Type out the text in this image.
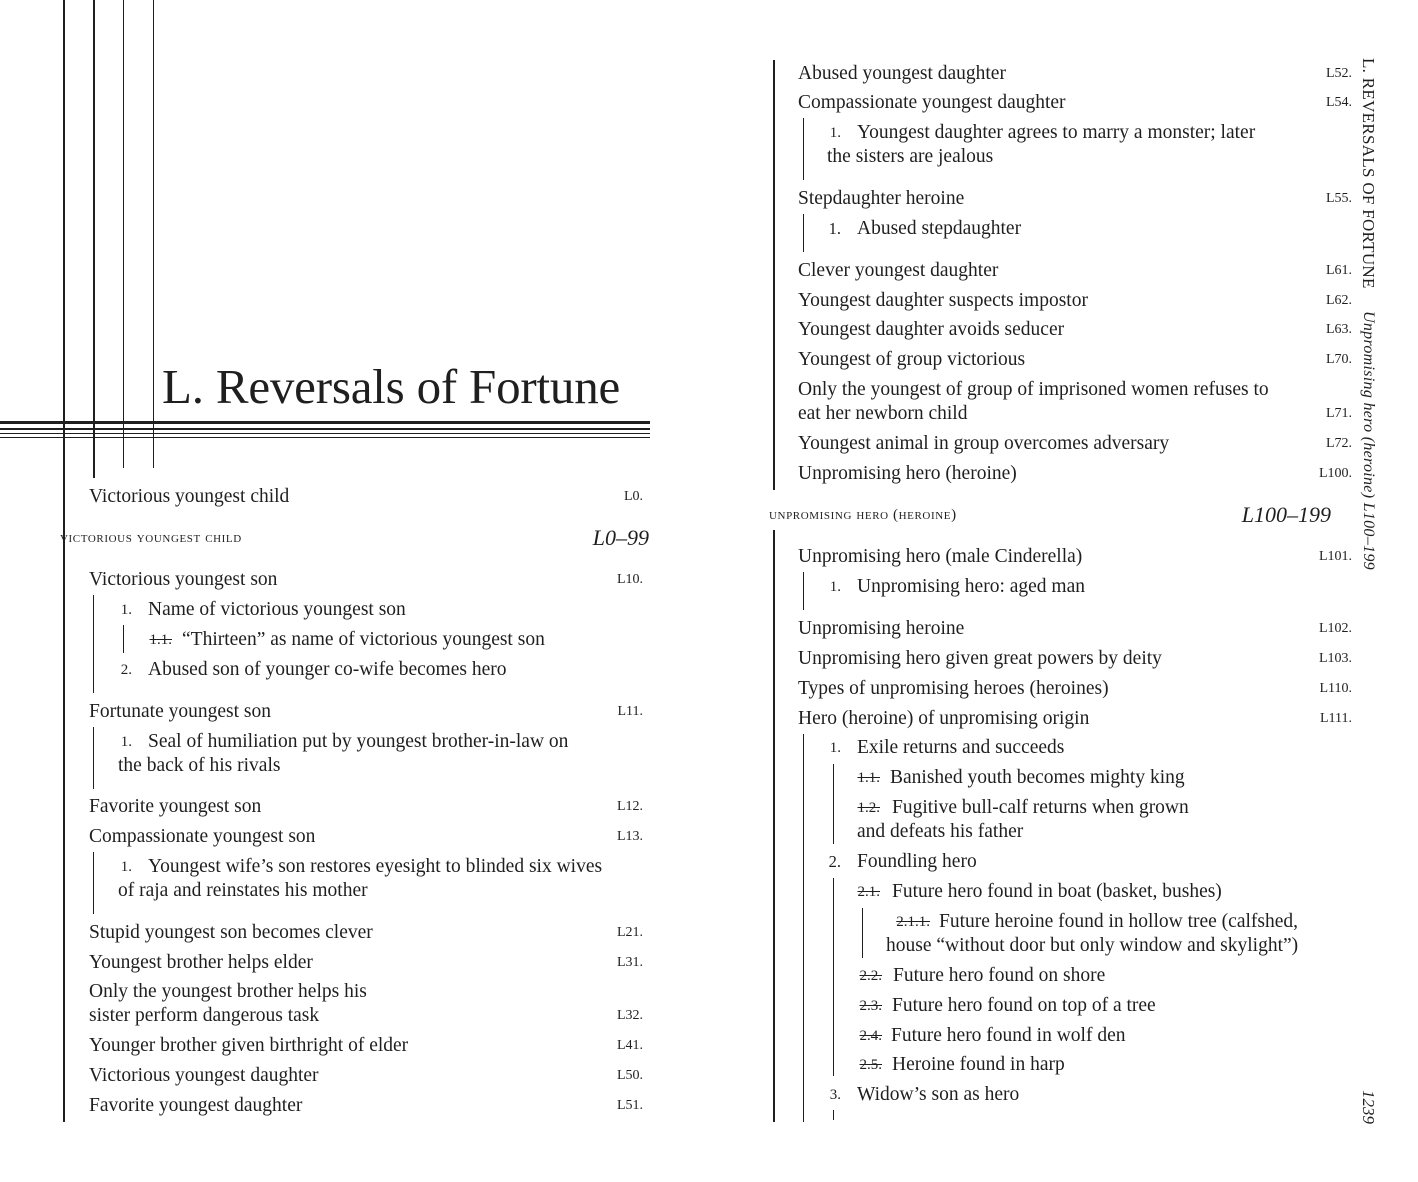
L. Reversals of Fortune
Victorious youngest child	L0.
victorious youngest child	L0–99
Victorious youngest son	L10.
1. Name of victorious youngest son
1.1. “Thirteen” as name of victorious youngest son
2. Abused son of younger co-wife becomes hero
Fortunate youngest son	L11.
1. Seal of humiliation put by youngest brother-in-law on
the back of his rivals
Favorite youngest son	L12.
Compassionate youngest son	L13.
1. Youngest wife’s son restores eyesight to blinded six wives
of raja and reinstates his mother
Stupid youngest son becomes clever	L21.
Youngest brother helps elder	L31.
Only the youngest brother helps his
sister perform dangerous task	L32.
Younger brother given birthright of elder	L41.
Victorious youngest daughter	L50.
Favorite youngest daughter	L51.
Abused youngest daughter	L52.
Compassionate youngest daughter	L54.
1. Youngest daughter agrees to marry a monster; later
the sisters are jealous
Stepdaughter heroine	L55.
1. Abused stepdaughter
Clever youngest daughter	L61.
Youngest daughter suspects impostor	L62.
Youngest daughter avoids seducer	L63.
Youngest of group victorious	L70.
Only the youngest of group of imprisoned women refuses to
eat her newborn child	L71.
Youngest animal in group overcomes adversary	L72.
Unpromising hero (heroine)	L100.
unpromising hero (heroine)	L100–199
Unpromising hero (male Cinderella)	L101.
1. Unpromising hero: aged man
Unpromising heroine	L102.
Unpromising hero given great powers by deity	L103.
Types of unpromising heroes (heroines)	L110.
Hero (heroine) of unpromising origin	L111.
1. Exile returns and succeeds
1.1. Banished youth becomes mighty king
1.2. Fugitive bull-calf returns when grown
and defeats his father
2. Foundling hero
2.1. Future hero found in boat (basket, bushes)
2.1.1. Future heroine found in hollow tree (calfshed,
house “without door but only window and skylight”)
2.2. Future hero found on shore
2.3. Future hero found on top of a tree
2.4. Future hero found in wolf den
2.5. Heroine found in harp
3. Widow’s son as hero
L. REVERSALS OF FORTUNEUnpromising hero (heroine) L100–199
1239
